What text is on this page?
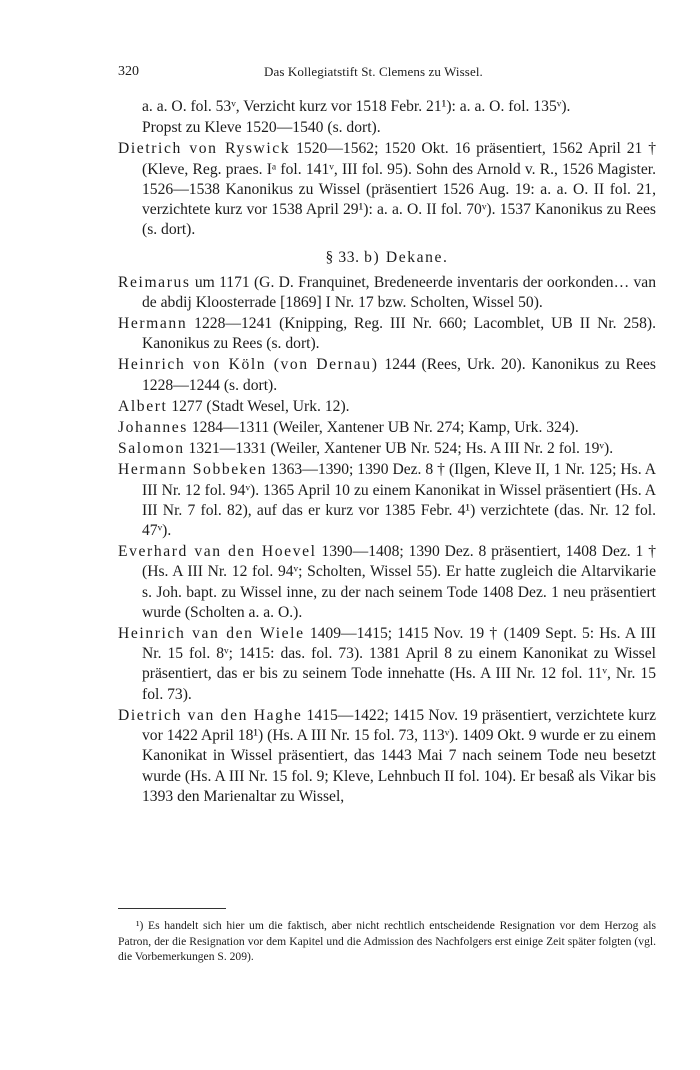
320	Das Kollegiatstift St. Clemens zu Wissel.

a. a. O. fol. 53ᵛ, Verzicht kurz vor 1518 Febr. 21¹): a. a. O. fol. 135ᵛ).

Propst zu Kleve 1520—1540 (s. dort).

Dietrich von Ryswick 1520—1562; 1520 Okt. 16 präsentiert, 1562 April 21 † (Kleve, Reg. praes. Iᵃ fol. 141ᵛ, III fol. 95). Sohn des Arnold v. R., 1526 Magister. 1526—1538 Kanonikus zu Wissel (präsentiert 1526 Aug. 19: a. a. O. II fol. 21, verzichtete kurz vor 1538 April 29¹): a. a. O. II fol. 70ᵛ). 1537 Kanonikus zu Rees (s. dort).

§ 33. b) Dekane.

Reimarus um 1171 (G. D. Franquinet, Bredeneerde inventaris der oorkonden… van de abdij Kloosterrade [1869] I Nr. 17 bzw. Scholten, Wissel 50).

Hermann 1228—1241 (Knipping, Reg. III Nr. 660; Lacomblet, UB II Nr. 258). Kanonikus zu Rees (s. dort).

Heinrich von Köln (von Dernau) 1244 (Rees, Urk. 20). Kanonikus zu Rees 1228—1244 (s. dort).

Albert 1277 (Stadt Wesel, Urk. 12).

Johannes 1284—1311 (Weiler, Xantener UB Nr. 274; Kamp, Urk. 324).

Salomon 1321—1331 (Weiler, Xantener UB Nr. 524; Hs. A III Nr. 2 fol. 19ᵛ).

Hermann Sobbeken 1363—1390; 1390 Dez. 8 † (Ilgen, Kleve II, 1 Nr. 125; Hs. A III Nr. 12 fol. 94ᵛ). 1365 April 10 zu einem Kanonikat in Wissel präsentiert (Hs. A III Nr. 7 fol. 82), auf das er kurz vor 1385 Febr. 4¹) verzichtete (das. Nr. 12 fol. 47ᵛ).

Everhard van den Hoevel 1390—1408; 1390 Dez. 8 präsentiert, 1408 Dez. 1 † (Hs. A III Nr. 12 fol. 94ᵛ; Scholten, Wissel 55). Er hatte zugleich die Altarvikarie s. Joh. bapt. zu Wissel inne, zu der nach seinem Tode 1408 Dez. 1 neu präsentiert wurde (Scholten a. a. O.).

Heinrich van den Wiele 1409—1415; 1415 Nov. 19 † (1409 Sept. 5: Hs. A III Nr. 15 fol. 8ᵛ; 1415: das. fol. 73). 1381 April 8 zu einem Kanonikat zu Wissel präsentiert, das er bis zu seinem Tode innehatte (Hs. A III Nr. 12 fol. 11ᵛ, Nr. 15 fol. 73).

Dietrich van den Haghe 1415—1422; 1415 Nov. 19 präsentiert, verzichtete kurz vor 1422 April 18¹) (Hs. A III Nr. 15 fol. 73, 113ᵛ). 1409 Okt. 9 wurde er zu einem Kanonikat in Wissel präsentiert, das 1443 Mai 7 nach seinem Tode neu besetzt wurde (Hs. A III Nr. 15 fol. 9; Kleve, Lehnbuch II fol. 104). Er besaß als Vikar bis 1393 den Marienaltar zu Wissel,

¹) Es handelt sich hier um die faktisch, aber nicht rechtlich entscheidende Resignation vor dem Herzog als Patron, der die Resignation vor dem Kapitel und die Admission des Nachfolgers erst einige Zeit später folgten (vgl. die Vorbemerkungen S. 209).
